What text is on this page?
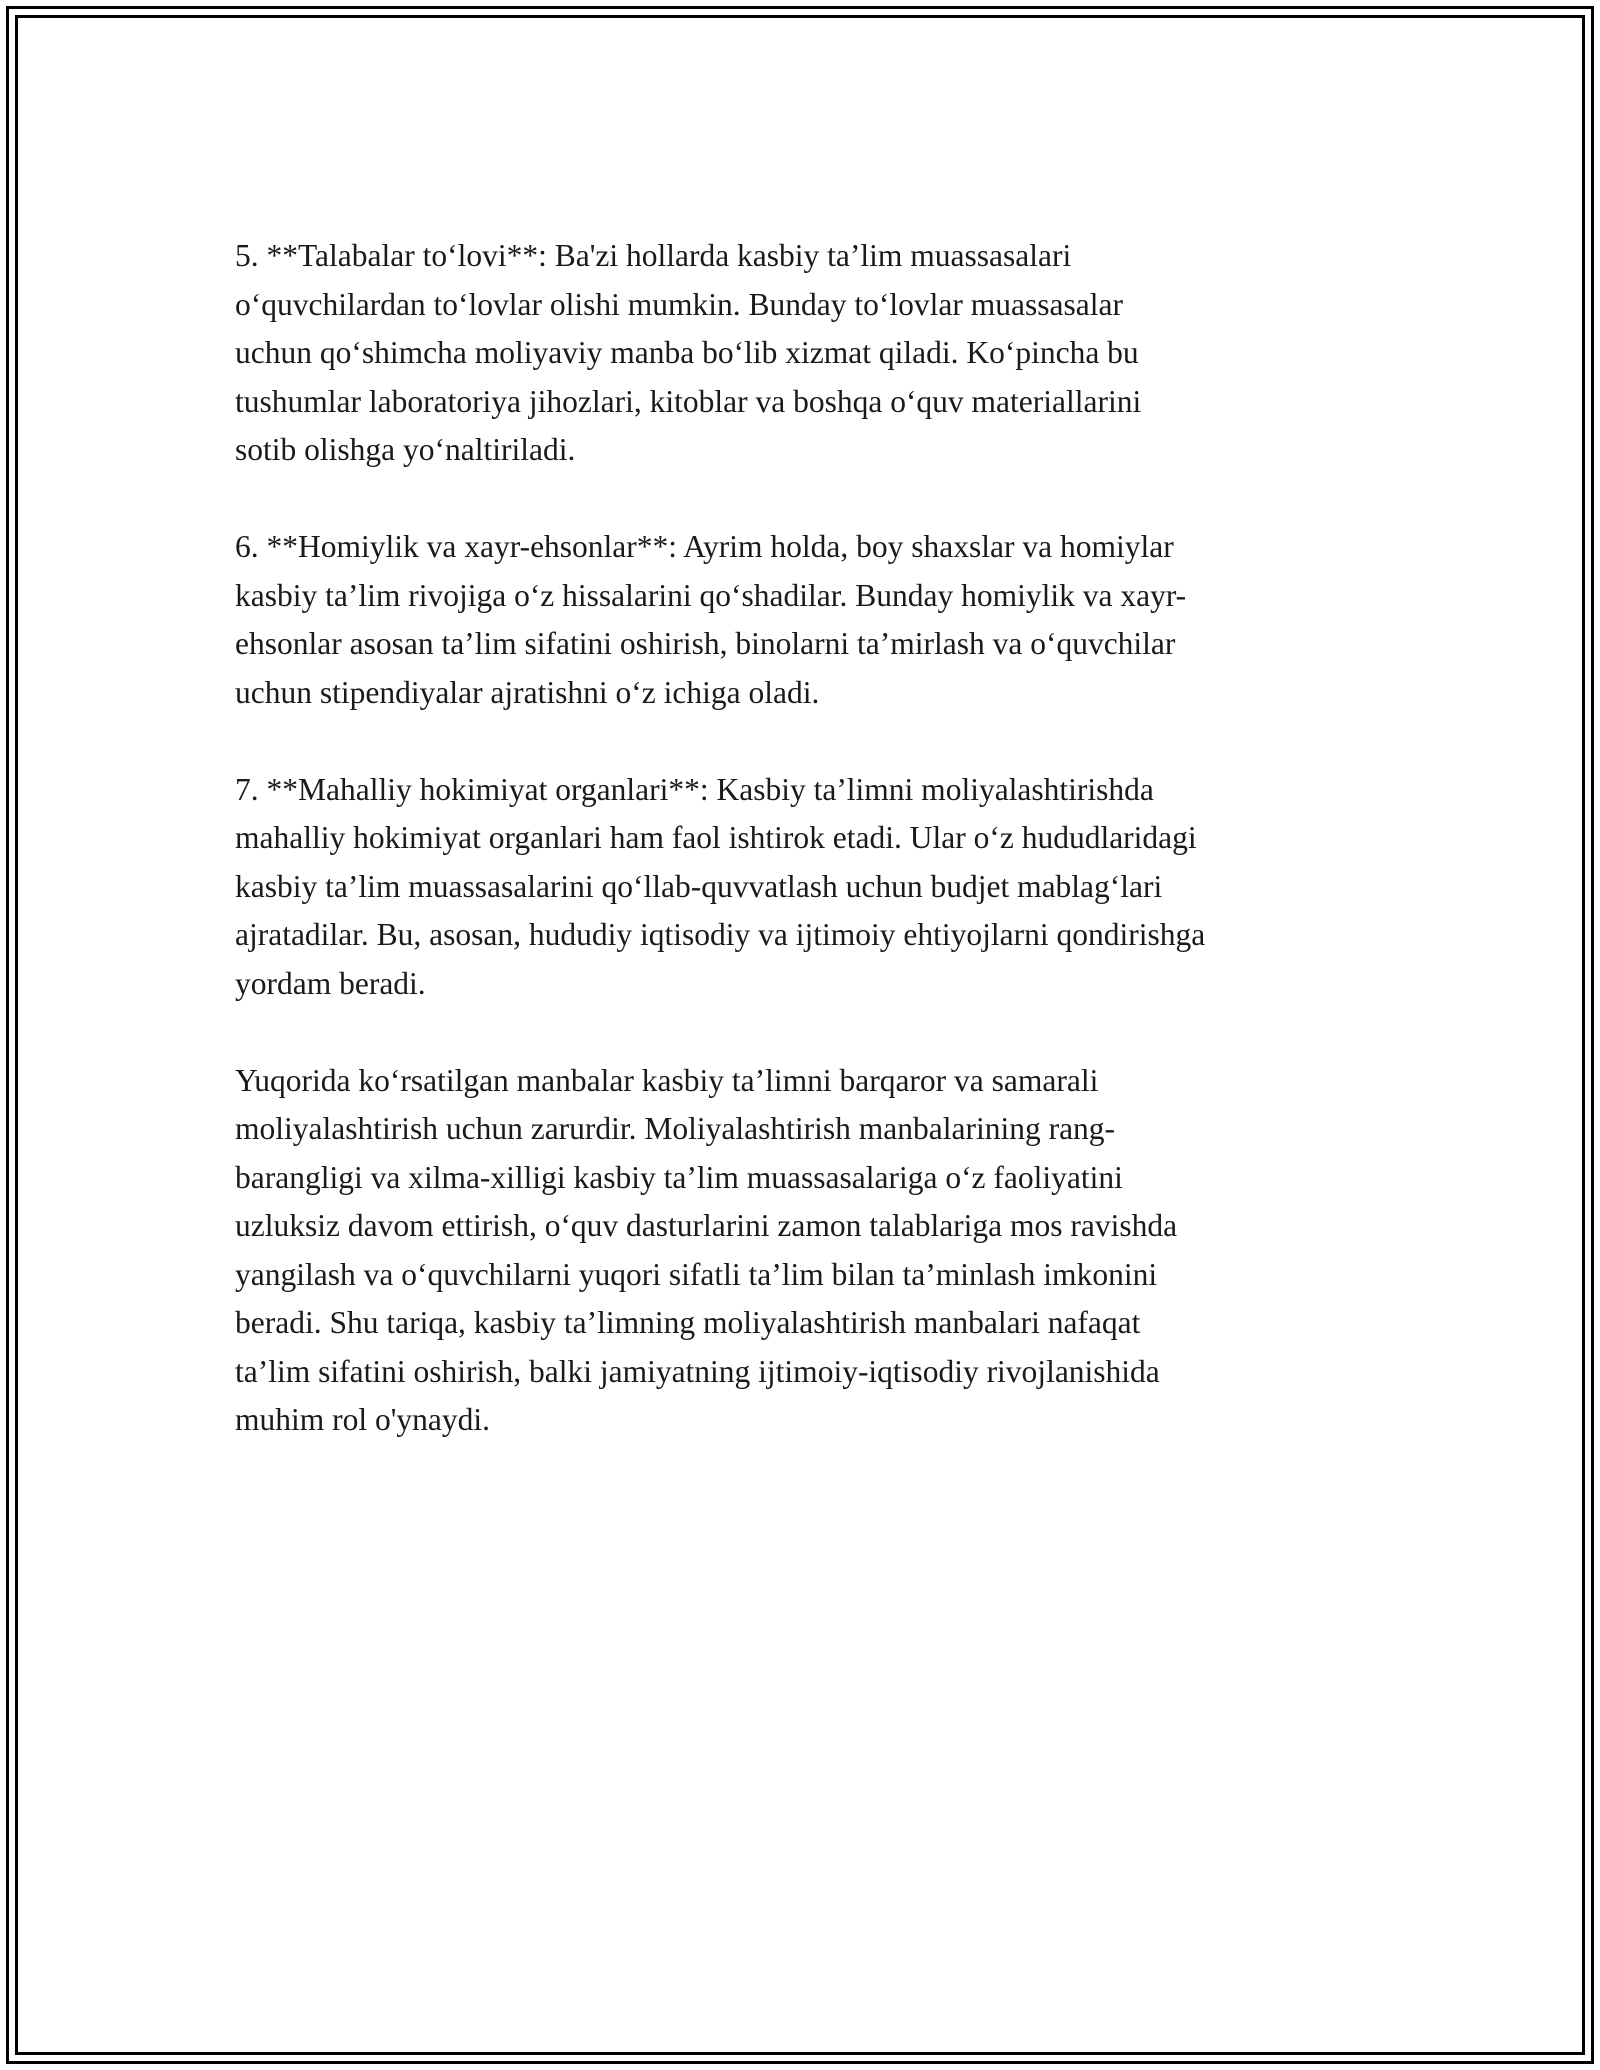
5. **Talabalar to‘lovi**: Ba'zi hollarda kasbiy ta’lim muassasalari
o‘quvchilardan to‘lovlar olishi mumkin. Bunday to‘lovlar muassasalar
uchun qo‘shimcha moliyaviy manba bo‘lib xizmat qiladi. Ko‘pincha bu
tushumlar laboratoriya jihozlari, kitoblar va boshqa o‘quv materiallarini
sotib olishga yo‘naltiriladi.

6. **Homiylik va xayr-ehsonlar**: Ayrim holda, boy shaxslar va homiylar
kasbiy ta’lim rivojiga o‘z hissalarini qo‘shadilar. Bunday homiylik va xayr-
ehsonlar asosan ta’lim sifatini oshirish, binolarni ta’mirlash va o‘quvchilar
uchun stipendiyalar ajratishni o‘z ichiga oladi.

7. **Mahalliy hokimiyat organlari**: Kasbiy ta’limni moliyalashtirishda
mahalliy hokimiyat organlari ham faol ishtirok etadi. Ular o‘z hududlaridagi
kasbiy ta’lim muassasalarini qo‘llab-quvvatlash uchun budjet mablag‘lari
ajratadilar. Bu, asosan, hududiy iqtisodiy va ijtimoiy ehtiyojlarni qondirishga
yordam beradi.

Yuqorida ko‘rsatilgan manbalar kasbiy ta’limni barqaror va samarali
moliyalashtirish uchun zarurdir. Moliyalashtirish manbalarining rang-
barangligi va xilma-xilligi kasbiy ta’lim muassasalariga o‘z faoliyatini
uzluksiz davom ettirish, o‘quv dasturlarini zamon talablariga mos ravishda
yangilash va o‘quvchilarni yuqori sifatli ta’lim bilan ta’minlash imkonini
beradi. Shu tariqa, kasbiy ta’limning moliyalashtirish manbalari nafaqat
ta’lim sifatini oshirish, balki jamiyatning ijtimoiy-iqtisodiy rivojlanishida
muhim rol o'ynaydi.
